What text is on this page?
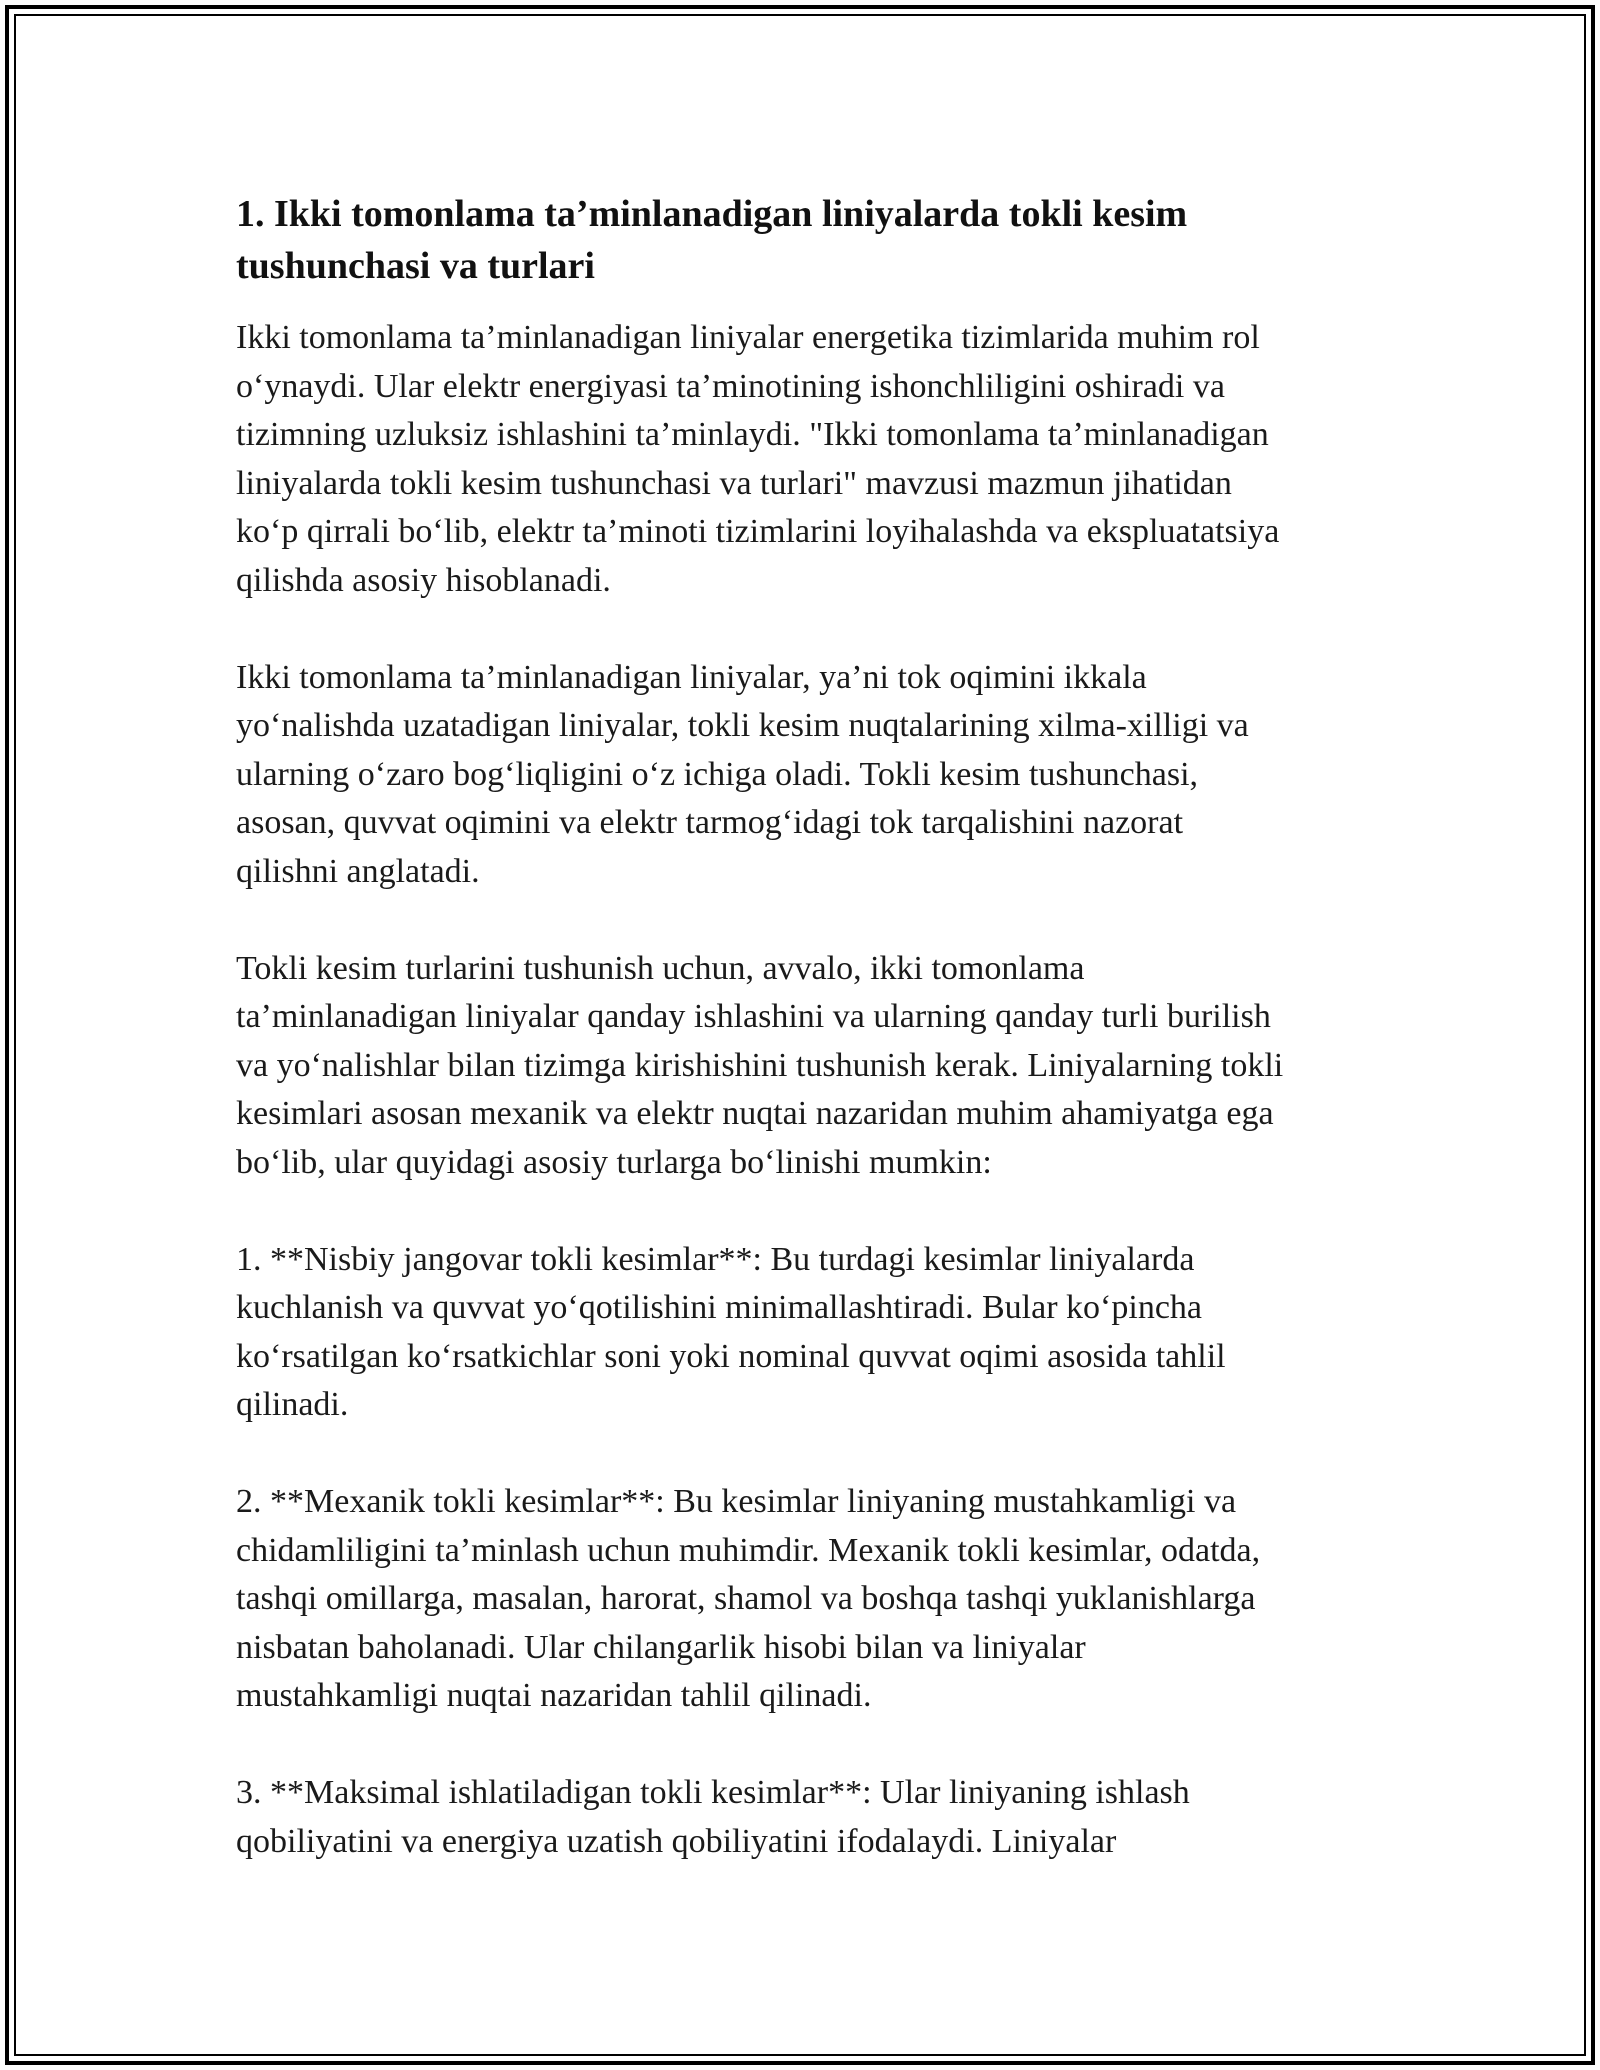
1. Ikki tomonlama ta’minlanadigan liniyalarda tokli kesim
tushunchasi va turlari

Ikki tomonlama ta’minlanadigan liniyalar energetika tizimlarida muhim rol
o‘ynaydi. Ular elektr energiyasi ta’minotining ishonchliligini oshiradi va
tizimning uzluksiz ishlashini ta’minlaydi. "Ikki tomonlama ta’minlanadigan
liniyalarda tokli kesim tushunchasi va turlari" mavzusi mazmun jihatidan
ko‘p qirrali bo‘lib, elektr ta’minoti tizimlarini loyihalashda va ekspluatatsiya
qilishda asosiy hisoblanadi.

Ikki tomonlama ta’minlanadigan liniyalar, ya’ni tok oqimini ikkala
yo‘nalishda uzatadigan liniyalar, tokli kesim nuqtalarining xilma-xilligi va
ularning o‘zaro bog‘liqligini o‘z ichiga oladi. Tokli kesim tushunchasi,
asosan, quvvat oqimini va elektr tarmog‘idagi tok tarqalishini nazorat
qilishni anglatadi.

Tokli kesim turlarini tushunish uchun, avvalo, ikki tomonlama
ta’minlanadigan liniyalar qanday ishlashini va ularning qanday turli burilish
va yo‘nalishlar bilan tizimga kirishishini tushunish kerak. Liniyalarning tokli
kesimlari asosan mexanik va elektr nuqtai nazaridan muhim ahamiyatga ega
bo‘lib, ular quyidagi asosiy turlarga bo‘linishi mumkin:

1. **Nisbiy jangovar tokli kesimlar**: Bu turdagi kesimlar liniyalarda
kuchlanish va quvvat yo‘qotilishini minimallashtiradi. Bular ko‘pincha
ko‘rsatilgan ko‘rsatkichlar soni yoki nominal quvvat oqimi asosida tahlil
qilinadi.

2. **Mexanik tokli kesimlar**: Bu kesimlar liniyaning mustahkamligi va
chidamliligini ta’minlash uchun muhimdir. Mexanik tokli kesimlar, odatda,
tashqi omillarga, masalan, harorat, shamol va boshqa tashqi yuklanishlarga
nisbatan baholanadi. Ular chilangarlik hisobi bilan va liniyalar
mustahkamligi nuqtai nazaridan tahlil qilinadi.

3. **Maksimal ishlatiladigan tokli kesimlar**: Ular liniyaning ishlash
qobiliyatini va energiya uzatish qobiliyatini ifodalaydi. Liniyalar
